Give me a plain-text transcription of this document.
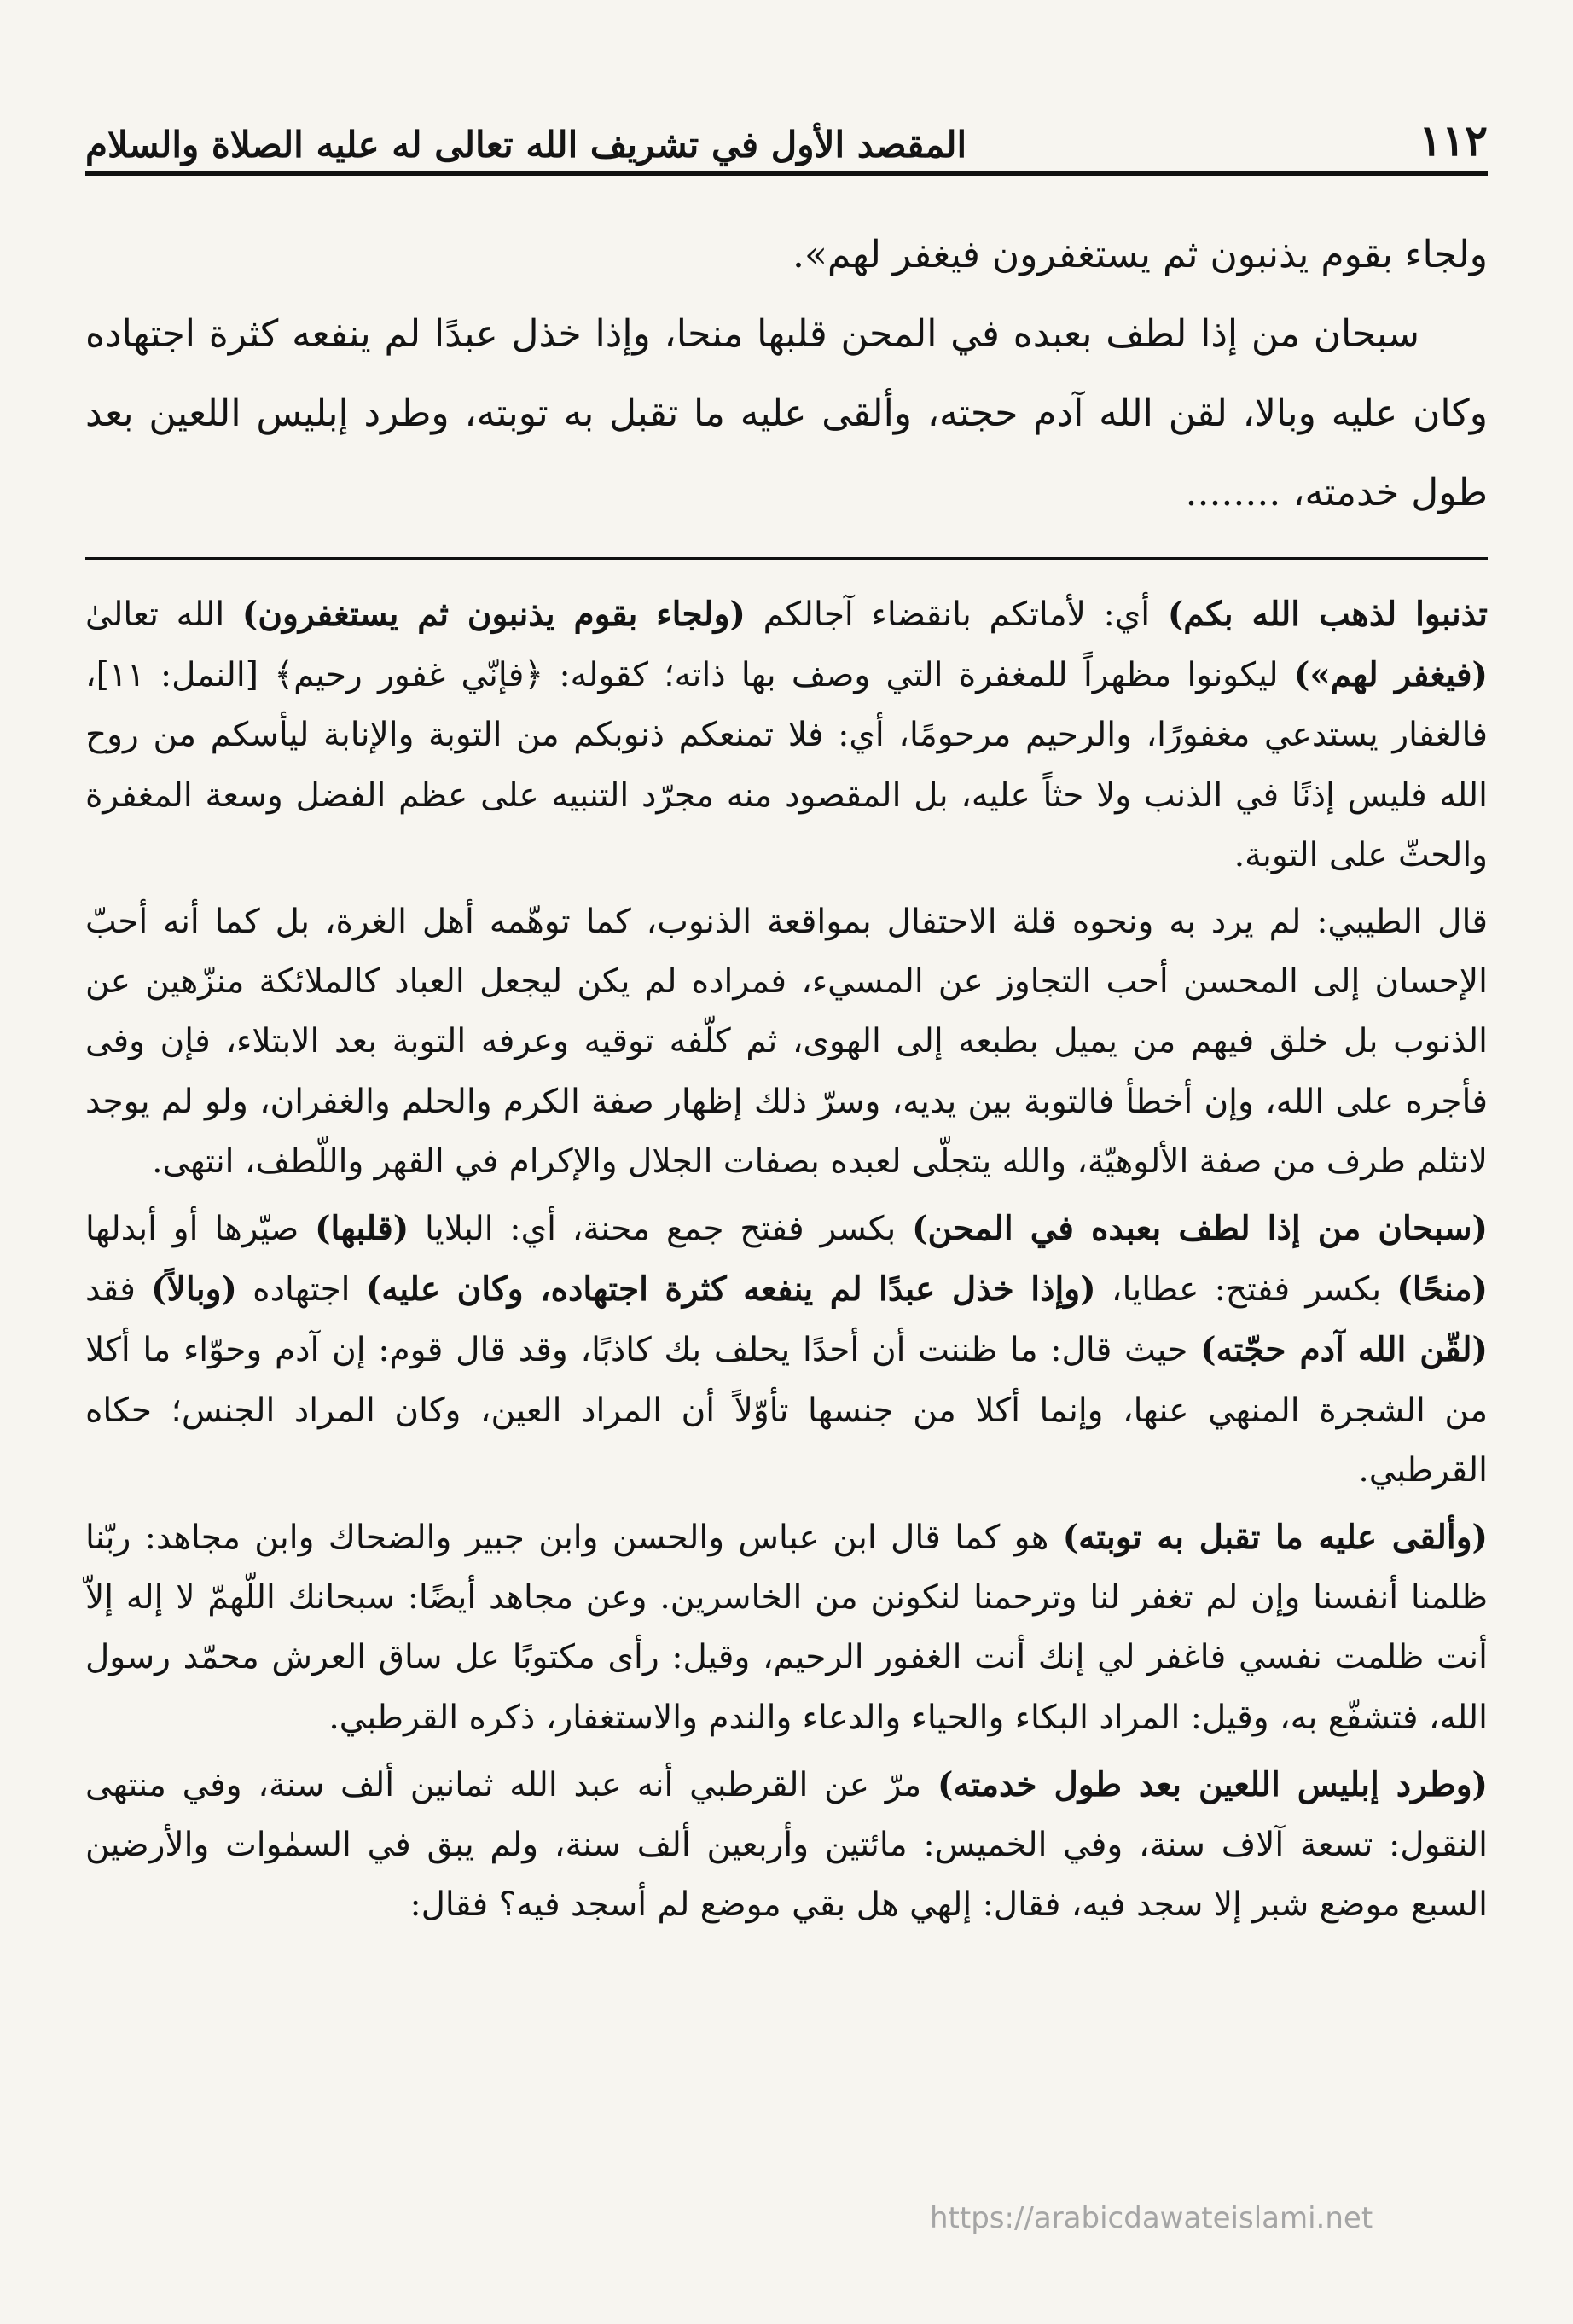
١١٢
المقصد الأول في تشريف الله تعالى له عليه الصلاة والسلام

ولجاء بقوم يذنبون ثم يستغفرون فيغفر لهم».

سبحان من إذا لطف بعبده في المحن قلبها منحا، وإذا خذل عبدًا لم ينفعه كثرة اجتهاده وكان عليه وبالا، لقن الله آدم حجته، وألقى عليه ما تقبل به توبته، وطرد إبليس اللعين بعد طول خدمته، ........

تذنبوا لذهب الله بكم) أي: لأماتكم بانقضاء آجالكم (ولجاء بقوم يذنبون ثم يستغفرون) الله تعالىٰ (فيغفر لهم») ليكونوا مظهراً للمغفرة التي وصف بها ذاته؛ كقوله: ﴿فإنّي غفور رحيم﴾ [النمل: ١١]، فالغفار يستدعي مغفورًا، والرحيم مرحومًا، أي: فلا تمنعكم ذنوبكم من التوبة والإنابة ليأسكم من روح الله فليس إذنًا في الذنب ولا حثاً عليه، بل المقصود منه مجرّد التنبيه على عظم الفضل وسعة المغفرة والحثّ على التوبة.

قال الطيبي: لم يرد به ونحوه قلة الاحتفال بمواقعة الذنوب، كما توهّمه أهل الغرة، بل كما أنه أحبّ الإحسان إلى المحسن أحب التجاوز عن المسيء، فمراده لم يكن ليجعل العباد كالملائكة منزّهين عن الذنوب بل خلق فيهم من يميل بطبعه إلى الهوى، ثم كلّفه توقيه وعرفه التوبة بعد الابتلاء، فإن وفى فأجره على الله، وإن أخطأ فالتوبة بين يديه، وسرّ ذلك إظهار صفة الكرم والحلم والغفران، ولو لم يوجد لانثلم طرف من صفة الألوهيّة، والله يتجلّى لعبده بصفات الجلال والإكرام في القهر واللّطف، انتهى.

(سبحان من إذا لطف بعبده في المحن) بكسر ففتح جمع محنة، أي: البلايا (قلبها) صيّرها أو أبدلها (منحًا) بكسر ففتح: عطايا، (وإذا خذل عبدًا لم ينفعه كثرة اجتهاده، وكان عليه) اجتهاده (وبالاً) فقد (لقّن الله آدم حجّته) حيث قال: ما ظننت أن أحدًا يحلف بك كاذبًا، وقد قال قوم: إن آدم وحوّاء ما أكلا من الشجرة المنهي عنها، وإنما أكلا من جنسها تأوّلاً أن المراد العين، وكان المراد الجنس؛ حكاه القرطبي.

(وألقى عليه ما تقبل به توبته) هو كما قال ابن عباس والحسن وابن جبير والضحاك وابن مجاهد: ربّنا ظلمنا أنفسنا وإن لم تغفر لنا وترحمنا لنكونن من الخاسرين. وعن مجاهد أيضًا: سبحانك اللّهمّ لا إله إلاّ أنت ظلمت نفسي فاغفر لي إنك أنت الغفور الرحيم، وقيل: رأى مكتوبًا عل ساق العرش محمّد رسول الله، فتشفّع به، وقيل: المراد البكاء والحياء والدعاء والندم والاستغفار، ذكره القرطبي.

(وطرد إبليس اللعين بعد طول خدمته) مرّ عن القرطبي أنه عبد الله ثمانين ألف سنة، وفي منتهى النقول: تسعة آلاف سنة، وفي الخميس: مائتين وأربعين ألف سنة، ولم يبق في السمٰوات والأرضين السبع موضع شبر إلا سجد فيه، فقال: إلهي هل بقي موضع لم أسجد فيه؟ فقال:

https://arabicdawateislami.net
